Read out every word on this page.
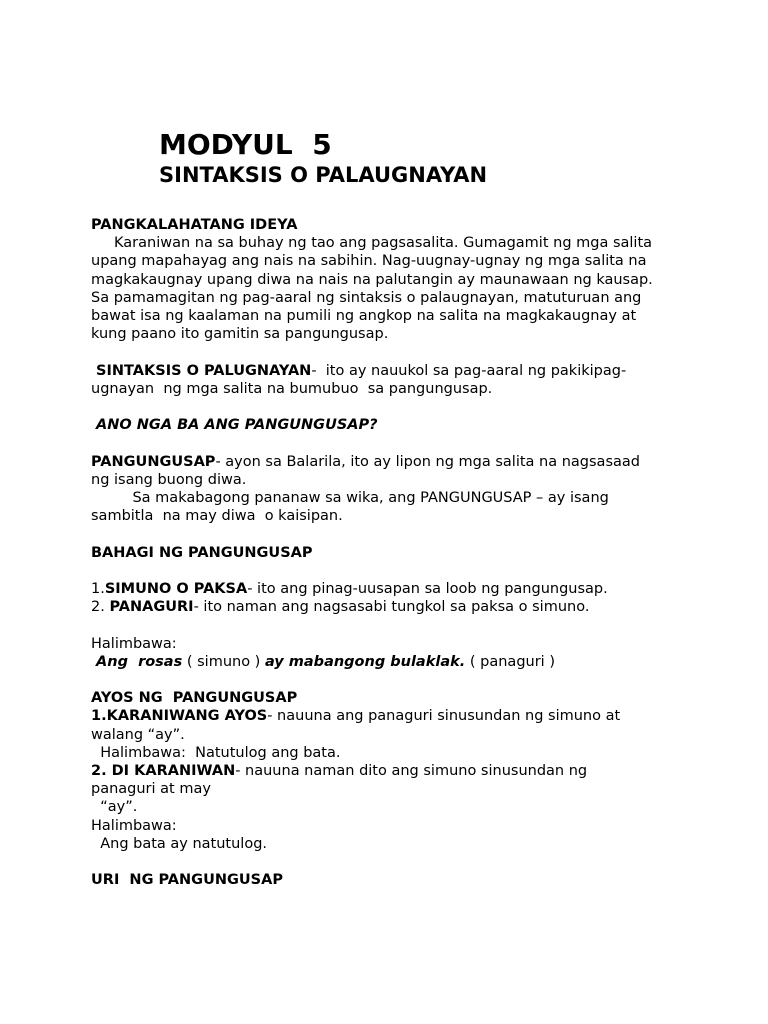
MODYUL  5
SINTAKSIS O PALAUGNAYAN
PANGKALAHATANG IDEYA
Karaniwan na sa buhay ng tao ang pagsasalita. Gumagamit ng mga salita
upang mapahayag ang nais na sabihin. Nag-uugnay-ugnay ng mga salita na
magkakaugnay upang diwa na nais na palutangin ay maunawaan ng kausap.
Sa pamamagitan ng pag-aaral ng sintaksis o palaugnayan, matuturuan ang
bawat isa ng kaalaman na pumili ng angkop na salita na magkakaugnay at
kung paano ito gamitin sa pangungusap.
SINTAKSIS O PALUGNAYAN-  ito ay nauukol sa pag-aaral ng pakikipag-
ugnayan  ng mga salita na bumubuo  sa pangungusap.
ANO NGA BA ANG PANGUNGUSAP?
PANGUNGUSAP- ayon sa Balarila, ito ay lipon ng mga salita na nagsasaad
ng isang buong diwa.
Sa makabagong pananaw sa wika, ang PANGUNGUSAP – ay isang
sambitla  na may diwa  o kaisipan.
BAHAGI NG PANGUNGUSAP
1.SIMUNO O PAKSA- ito ang pinag-uusapan sa loob ng pangungusap.
2. PANAGURI- ito naman ang nagsasabi tungkol sa paksa o simuno.
Halimbawa:
Ang  rosas ( simuno ) ay mabangong bulaklak. ( panaguri )
AYOS NG  PANGUNGUSAP
1.KARANIWANG AYOS- nauuna ang panaguri sinusundan ng simuno at
walang “ay”.
Halimbawa:  Natutulog ang bata.
2. DI KARANIWAN- nauuna naman dito ang simuno sinusundan ng
panaguri at may
“ay”.
Halimbawa:
Ang bata ay natutulog.
URI  NG PANGUNGUSAP
